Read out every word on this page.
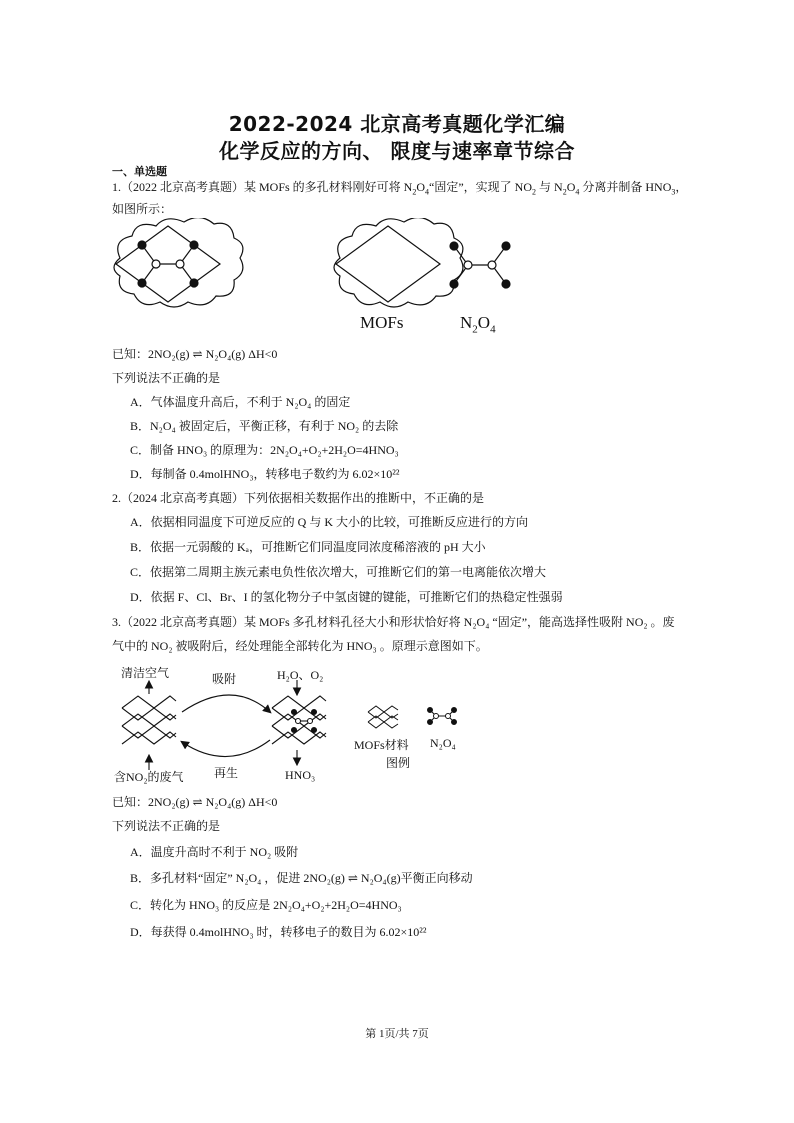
2022-2024 北京高考真题化学汇编
化学反应的方向、 限度与速率章节综合
一、单选题
1.（2022 北京高考真题）某 MOFs 的多孔材料刚好可将 $N_2O_4“$固定”，实现了 $NO_2$ 与 $N_2O_4$ 分离并制备 $HNO_3$，
如图所示：
MOFs	$N_2O_4$
已知：2NO₂(g) ⇌ N₂O₄(g) ΔH<0
下列说法不正确的是
A．气体温度升高后，不利于 N₂O₄ 的固定
B．N₂O₄ 被固定后，平衡正移，有利于 NO₂ 的去除
C．制备 HNO₃ 的原理为：2N₂O₄+O₂+2H₂O=4HNO₃
D．每制备 0.4molHNO₃，转移电子数约为 6.02×10²²
2.（2024 北京高考真题）下列依据相关数据作出的推断中，不正确的是
A．依据相同温度下可逆反应的 Q 与 K 大小的比较，可推断反应进行的方向
B．依据一元弱酸的 Kₐ，可推断它们同温度同浓度稀溶液的 pH 大小
C．依据第二周期主族元素电负性依次增大，可推断它们的第一电离能依次增大
D．依据 F、Cl、Br、I 的氢化物分子中氢卤键的键能，可推断它们的热稳定性强弱
3.（2022 北京高考真题）某 MOFs 多孔材料孔径大小和形状恰好将 N₂O₄ “固定”，能高选择性吸附 NO₂ 。废
气中的 NO₂ 被吸附后，经处理能全部转化为 HNO₃ 。原理示意图如下。
清洁空气	吸附	H₂O、O₂
再生
含NO₂的废气	HNO₃
MOFs材料 N₂O₄
图例
已知：2NO₂(g) ⇌ N₂O₄(g) ΔH<0
下列说法不正确的是
A．温度升高时不利于 NO₂ 吸附
B．多孔材料“固定” N₂O₄ ，促进 2NO₂(g) ⇌ N₂O₄(g)平衡正向移动
C．转化为 HNO₃ 的反应是 2N₂O₄+O₂+2H₂O=4HNO₃
D．每获得 0.4molHNO₃ 时，转移电子的数目为 6.02×10²²
第 1页/共 7页
